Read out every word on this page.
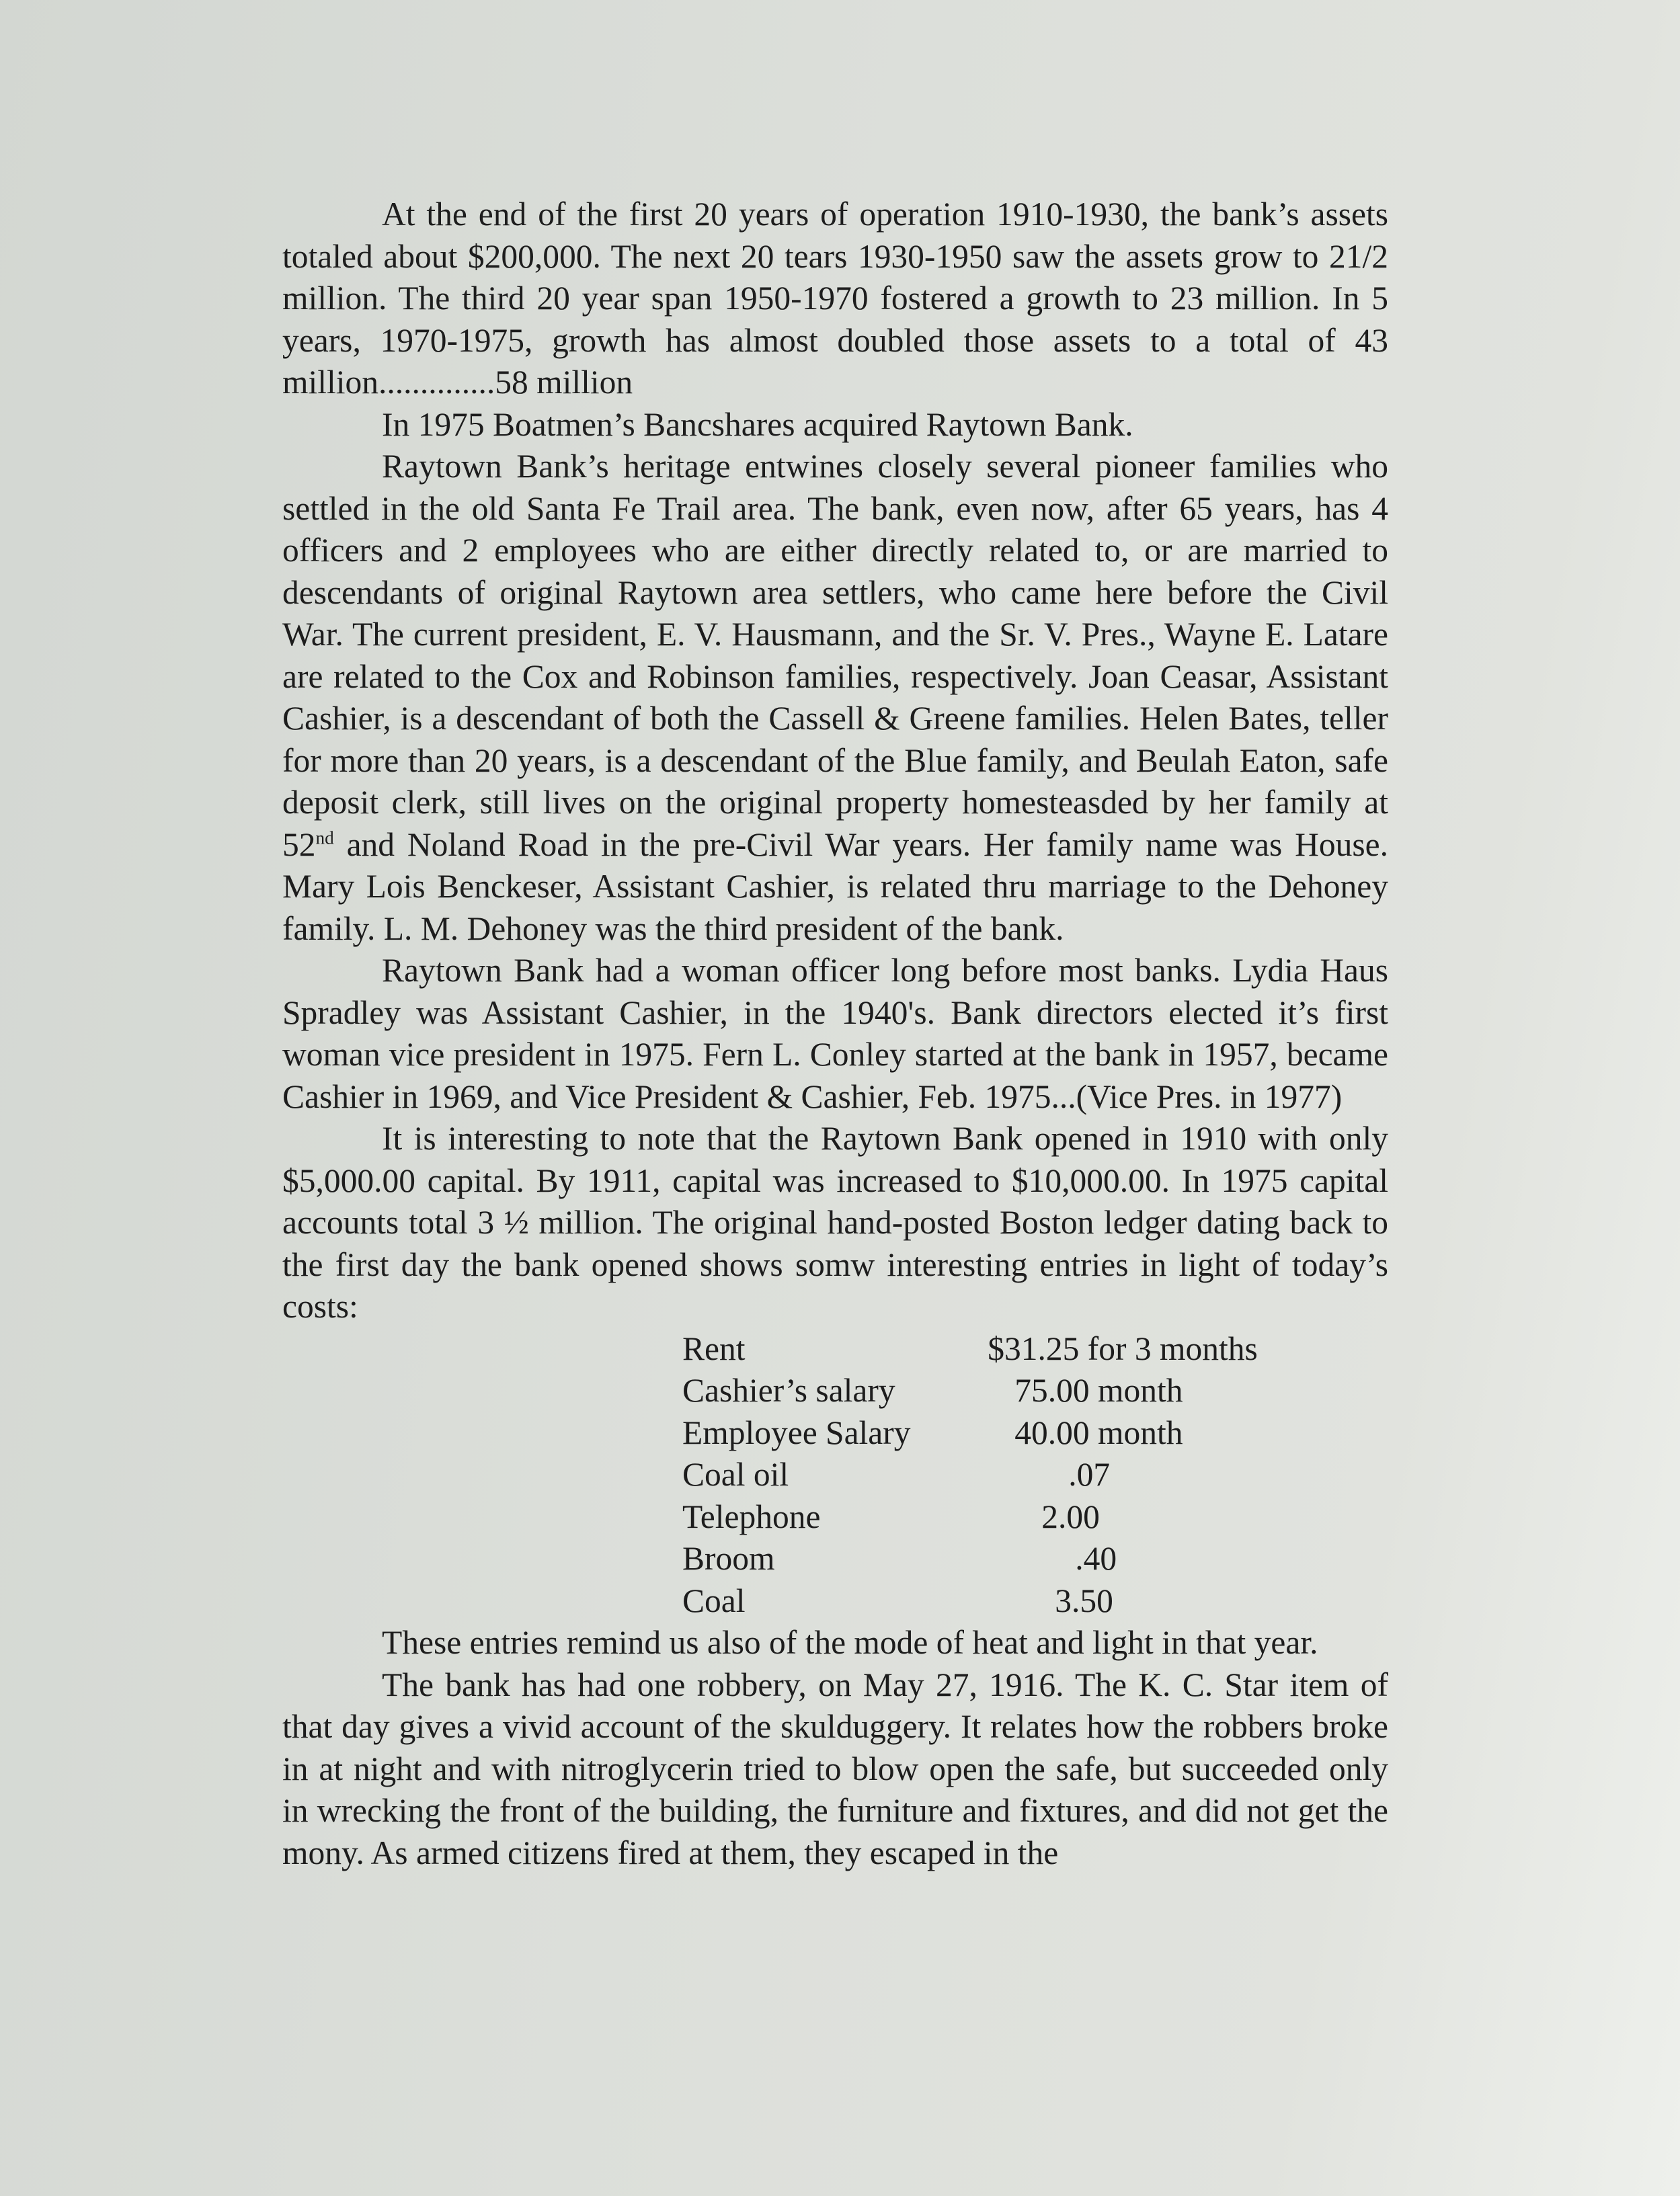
At the end of the first 20 years of operation 1910-1930, the bank’s assets totaled about $200,000. The next 20 tears 1930-1950 saw the assets grow to 21/2 million. The third 20 year span 1950-1970 fostered a growth to 23 million. In 5 years, 1970-1975, growth has almost doubled those assets to a total of 43 million..............58 million

In 1975 Boatmen’s Bancshares acquired Raytown Bank.

Raytown Bank’s heritage entwines closely several pioneer families who settled in the old Santa Fe Trail area. The bank, even now, after 65 years, has 4 officers and 2 employees who are either directly related to, or are married to descendants of original Raytown area settlers, who came here before the Civil War. The current president, E. V. Hausmann, and the Sr. V. Pres., Wayne E. Latare are related to the Cox and Robinson families, respectively. Joan Ceasar, Assistant Cashier, is a descendant of both the Cassell & Greene families. Helen Bates, teller for more than 20 years, is a descendant of the Blue family, and Beulah Eaton, safe deposit clerk, still lives on the original property homesteasded by her family at 52nd and Noland Road in the pre-Civil War years. Her family name was House. Mary Lois Benckeser, Assistant Cashier, is related thru marriage to the Dehoney family. L. M. Dehoney was the third president of the bank.

Raytown Bank had a woman officer long before most banks. Lydia Haus Spradley was Assistant Cashier, in the 1940's. Bank directors elected it’s first woman vice president in 1975. Fern L. Conley started at the bank in 1957, became Cashier in 1969, and Vice President & Cashier, Feb. 1975...(Vice Pres. in 1977)

It is interesting to note that the Raytown Bank opened in 1910 with only $5,000.00 capital. By 1911, capital was increased to $10,000.00. In 1975 capital accounts total 3 ½ million. The original hand-posted Boston ledger dating back to the first day the bank opened shows somw interesting entries in light of today’s costs:

Rent	$31.25 for 3 months
Cashier’s salary	75.00 month
Employee Salary	40.00 month
Coal oil	.07
Telephone	2.00
Broom	.40
Coal	3.50

These entries remind us also of the mode of heat and light in that year.

The bank has had one robbery, on May 27, 1916. The K. C. Star item of that day gives a vivid account of the skulduggery. It relates how the robbers broke in at night and with nitroglycerin tried to blow open the safe, but succeeded only in wrecking the front of the building, the furniture and fixtures, and did not get the mony. As armed citizens fired at them, they escaped in the
